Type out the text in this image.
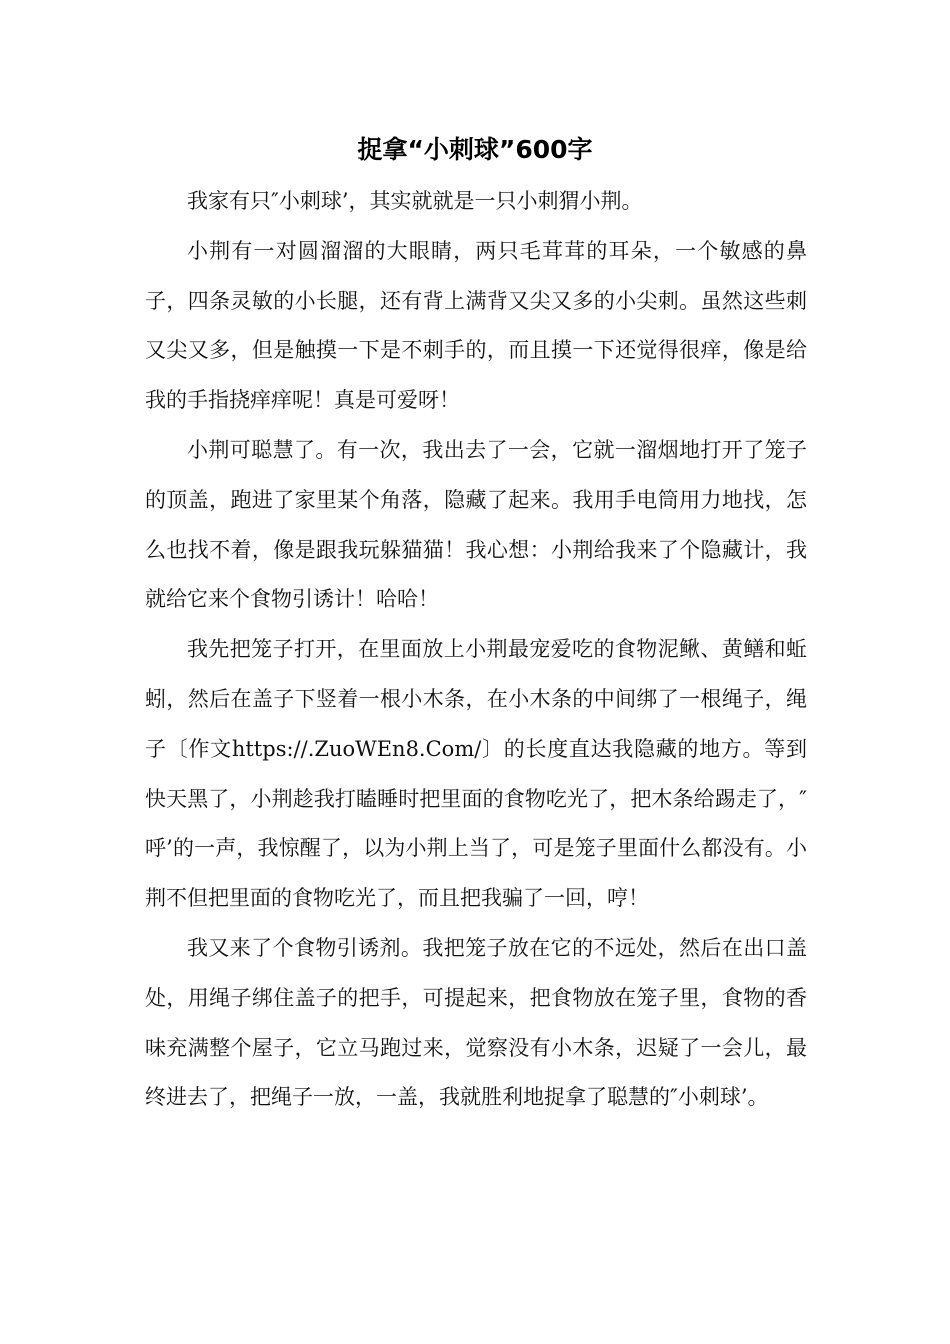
捉拿“小刺球”600字

我家有只″小刺球’，其实就就是一只小刺猬小荆。

小荆有一对圆溜溜的大眼睛，两只毛茸茸的耳朵，一个敏感的鼻子，四条灵敏的小长腿，还有背上满背又尖又多的小尖刺。虽然这些刺又尖又多，但是触摸一下是不刺手的，而且摸一下还觉得很痒，像是给我的手指挠痒痒呢！真是可爱呀！

小荆可聪慧了。有一次，我出去了一会，它就一溜烟地打开了笼子的顶盖，跑进了家里某个角落，隐藏了起来。我用手电筒用力地找，怎么也找不着，像是跟我玩躲猫猫！我心想：小荆给我来了个隐藏计，我就给它来个食物引诱计！哈哈！

我先把笼子打开，在里面放上小荆最宠爱吃的食物泥鳅、黄鳝和蚯蚓，然后在盖子下竖着一根小木条，在小木条的中间绑了一根绳子，绳子〔作文https://.ZuoWEn8.Com/〕的长度直达我隐藏的地方。等到快天黑了，小荆趁我打瞌睡时把里面的食物吃光了，把木条给踢走了，″呼’的一声，我惊醒了，以为小荆上当了，可是笼子里面什么都没有。小荆不但把里面的食物吃光了，而且把我骗了一回，哼！

我又来了个食物引诱剂。我把笼子放在它的不远处，然后在出口盖处，用绳子绑住盖子的把手，可提起来，把食物放在笼子里，食物的香味充满整个屋子，它立马跑过来，觉察没有小木条，迟疑了一会儿，最终进去了，把绳子一放，一盖，我就胜利地捉拿了聪慧的″小刺球’。
